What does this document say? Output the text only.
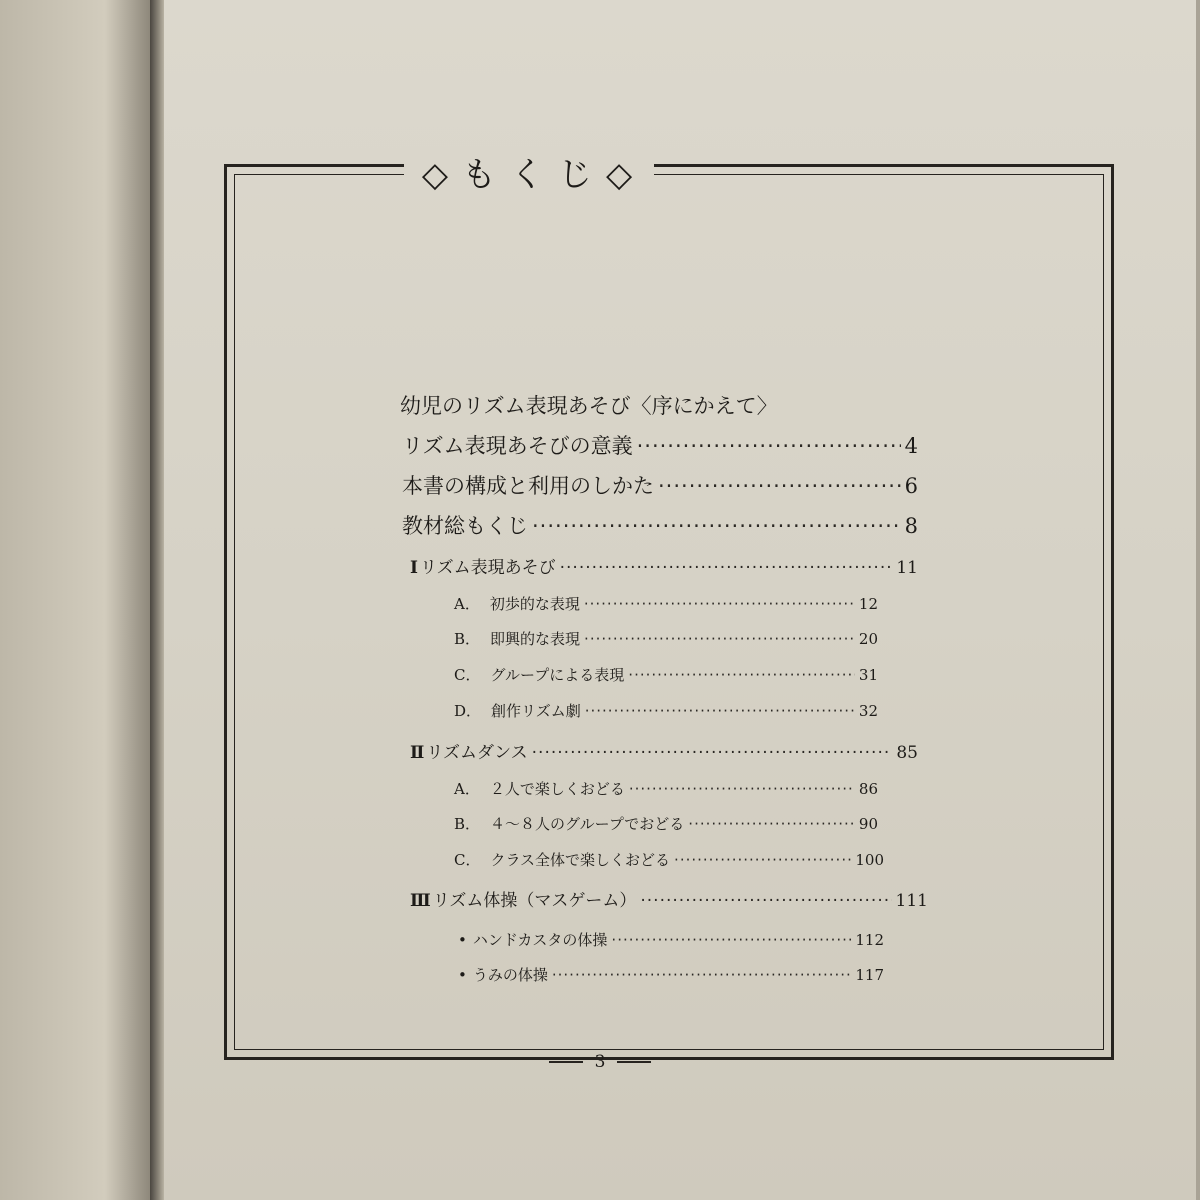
◇もくじ◇
幼児のリズム表現あそび〈序にかえて〉
リズム表現あそびの意義 ·····	4
本書の構成と利用のしかた ·····	6
教材総もくじ ·····	8
Ⅰ リズム表現あそび ·····	11
A． 初歩的な表現 ·····	12
B． 即興的な表現 ·····	20
C． グループによる表現 ·····	31
D． 創作リズム劇 ·····	32
Ⅱ リズムダンス ·····	85
A． ２人で楽しくおどる ·····	86
B． ４～８人のグループでおどる ·····	90
C． クラス全体で楽しくおどる ·····	100
Ⅲ リズム体操（マスゲーム） ·····	111
• ハンドカスタの体操 ·····	112
• うみの体操 ·····	117
3
